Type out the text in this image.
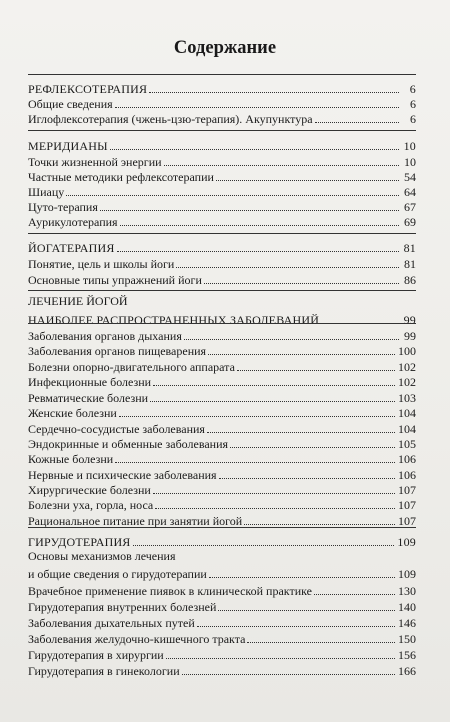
Содержание
РЕФЛЕКСОТЕРАПИЯ	6
Общие сведения	6
Иглофлексотерапия (чжень-цзю-терапия). Акупунктура	6
МЕРИДИАНЫ	10
Точки жизненной энергии	10
Частные методики рефлексотерапии	54
Шиацу	64
Цуто-терапия	67
Аурикулотерапия	69
ЙОГАТЕРАПИЯ	81
Понятие, цель и школы йоги	81
Основные типы упражнений йоги	86
ЛЕЧЕНИЕ ЙОГОЙ
НАИБОЛЕЕ РАСПРОСТРАНЕННЫХ ЗАБОЛЕВАНИЙ	99
Заболевания органов дыхания	99
Заболевания органов пищеварения	100
Болезни опорно-двигательного аппарата	102
Инфекционные болезни	102
Ревматические болезни	103
Женские болезни	104
Сердечно-сосудистые заболевания	104
Эндокринные и обменные заболевания	105
Кожные болезни	106
Нервные и психические заболевания	106
Хирургические болезни	107
Болезни уха, горла, носа	107
Рациональное питание при занятии йогой	107
ГИРУДОТЕРАПИЯ	109
Основы механизмов лечения
и общие сведения о гирудотерапии	109
Врачебное применение пиявок в клинической практике	130
Гирудотерапия внутренних болезней	140
Заболевания дыхательных путей	146
Заболевания желудочно-кишечного тракта	150
Гирудотерапия в хирургии	156
Гирудотерапия в гинекологии	166
